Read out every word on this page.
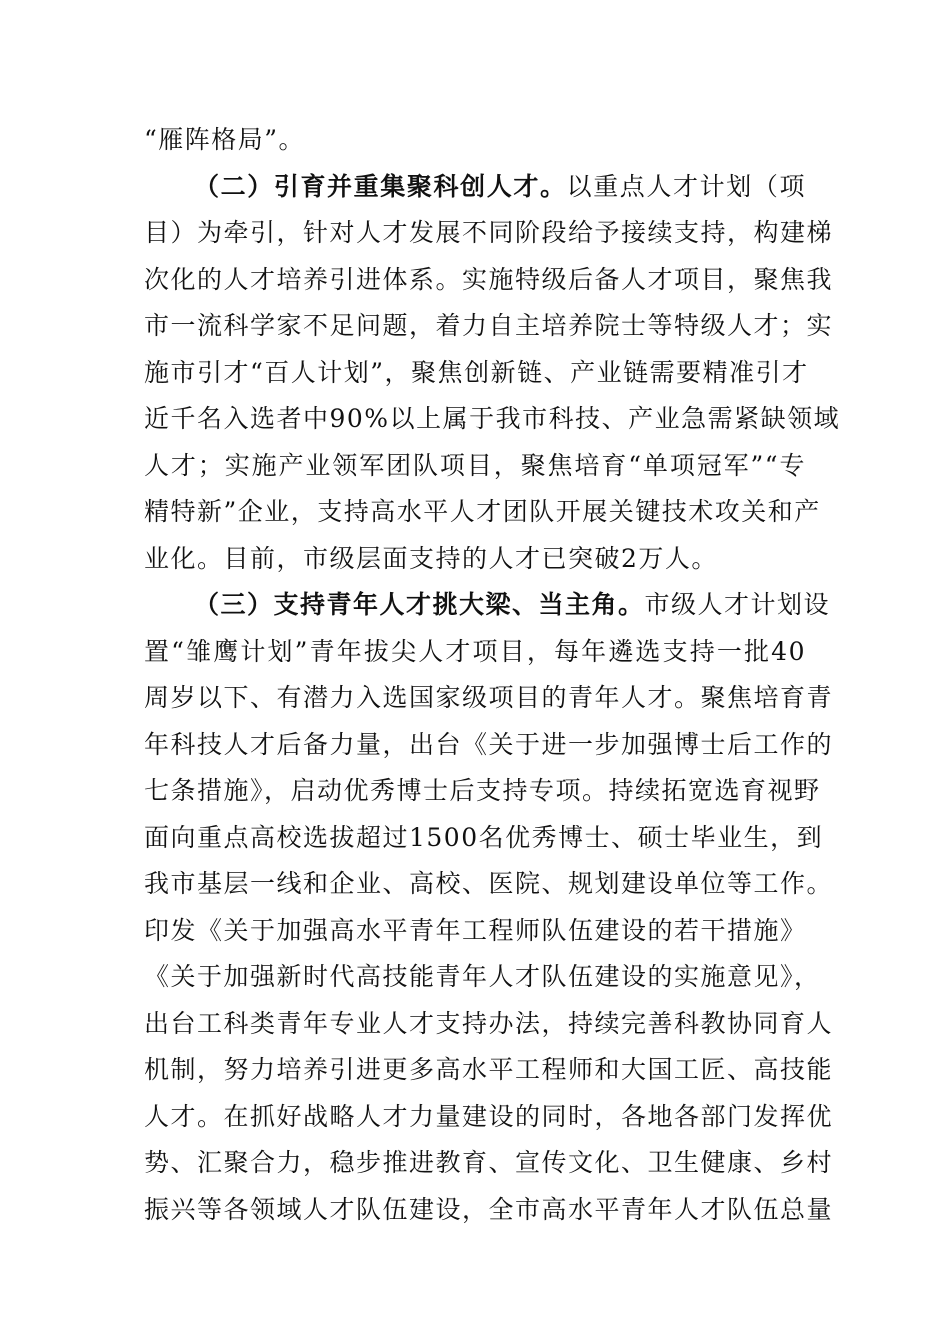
“雁阵格局”。
（二）引育并重集聚科创人才。以重点人才计划（项
目）为牵引，针对人才发展不同阶段给予接续支持，构建梯
次化的人才培养引进体系。实施特级后备人才项目，聚焦我
市一流科学家不足问题，着力自主培养院士等特级人才；实
施市引才“百人计划”，聚焦创新链、产业链需要精准引才
近千名入选者中90%以上属于我市科技、产业急需紧缺领域
人才；实施产业领军团队项目，聚焦培育“单项冠军”“专
精特新”企业，支持高水平人才团队开展关键技术攻关和产
业化。目前，市级层面支持的人才已突破2万人。
（三）支持青年人才挑大梁、当主角。市级人才计划设
置“雏鹰计划”青年拔尖人才项目，每年遴选支持一批40
周岁以下、有潜力入选国家级项目的青年人才。聚焦培育青
年科技人才后备力量，出台《关于进一步加强博士后工作的
七条措施》，启动优秀博士后支持专项。持续拓宽选育视野
面向重点高校选拔超过1500名优秀博士、硕士毕业生，到
我市基层一线和企业、高校、医院、规划建设单位等工作。
印发《关于加强高水平青年工程师队伍建设的若干措施》
《关于加强新时代高技能青年人才队伍建设的实施意见》，
出台工科类青年专业人才支持办法，持续完善科教协同育人
机制，努力培养引进更多高水平工程师和大国工匠、高技能
人才。在抓好战略人才力量建设的同时，各地各部门发挥优
势、汇聚合力，稳步推进教育、宣传文化、卫生健康、乡村
振兴等各领域人才队伍建设，全市高水平青年人才队伍总量
